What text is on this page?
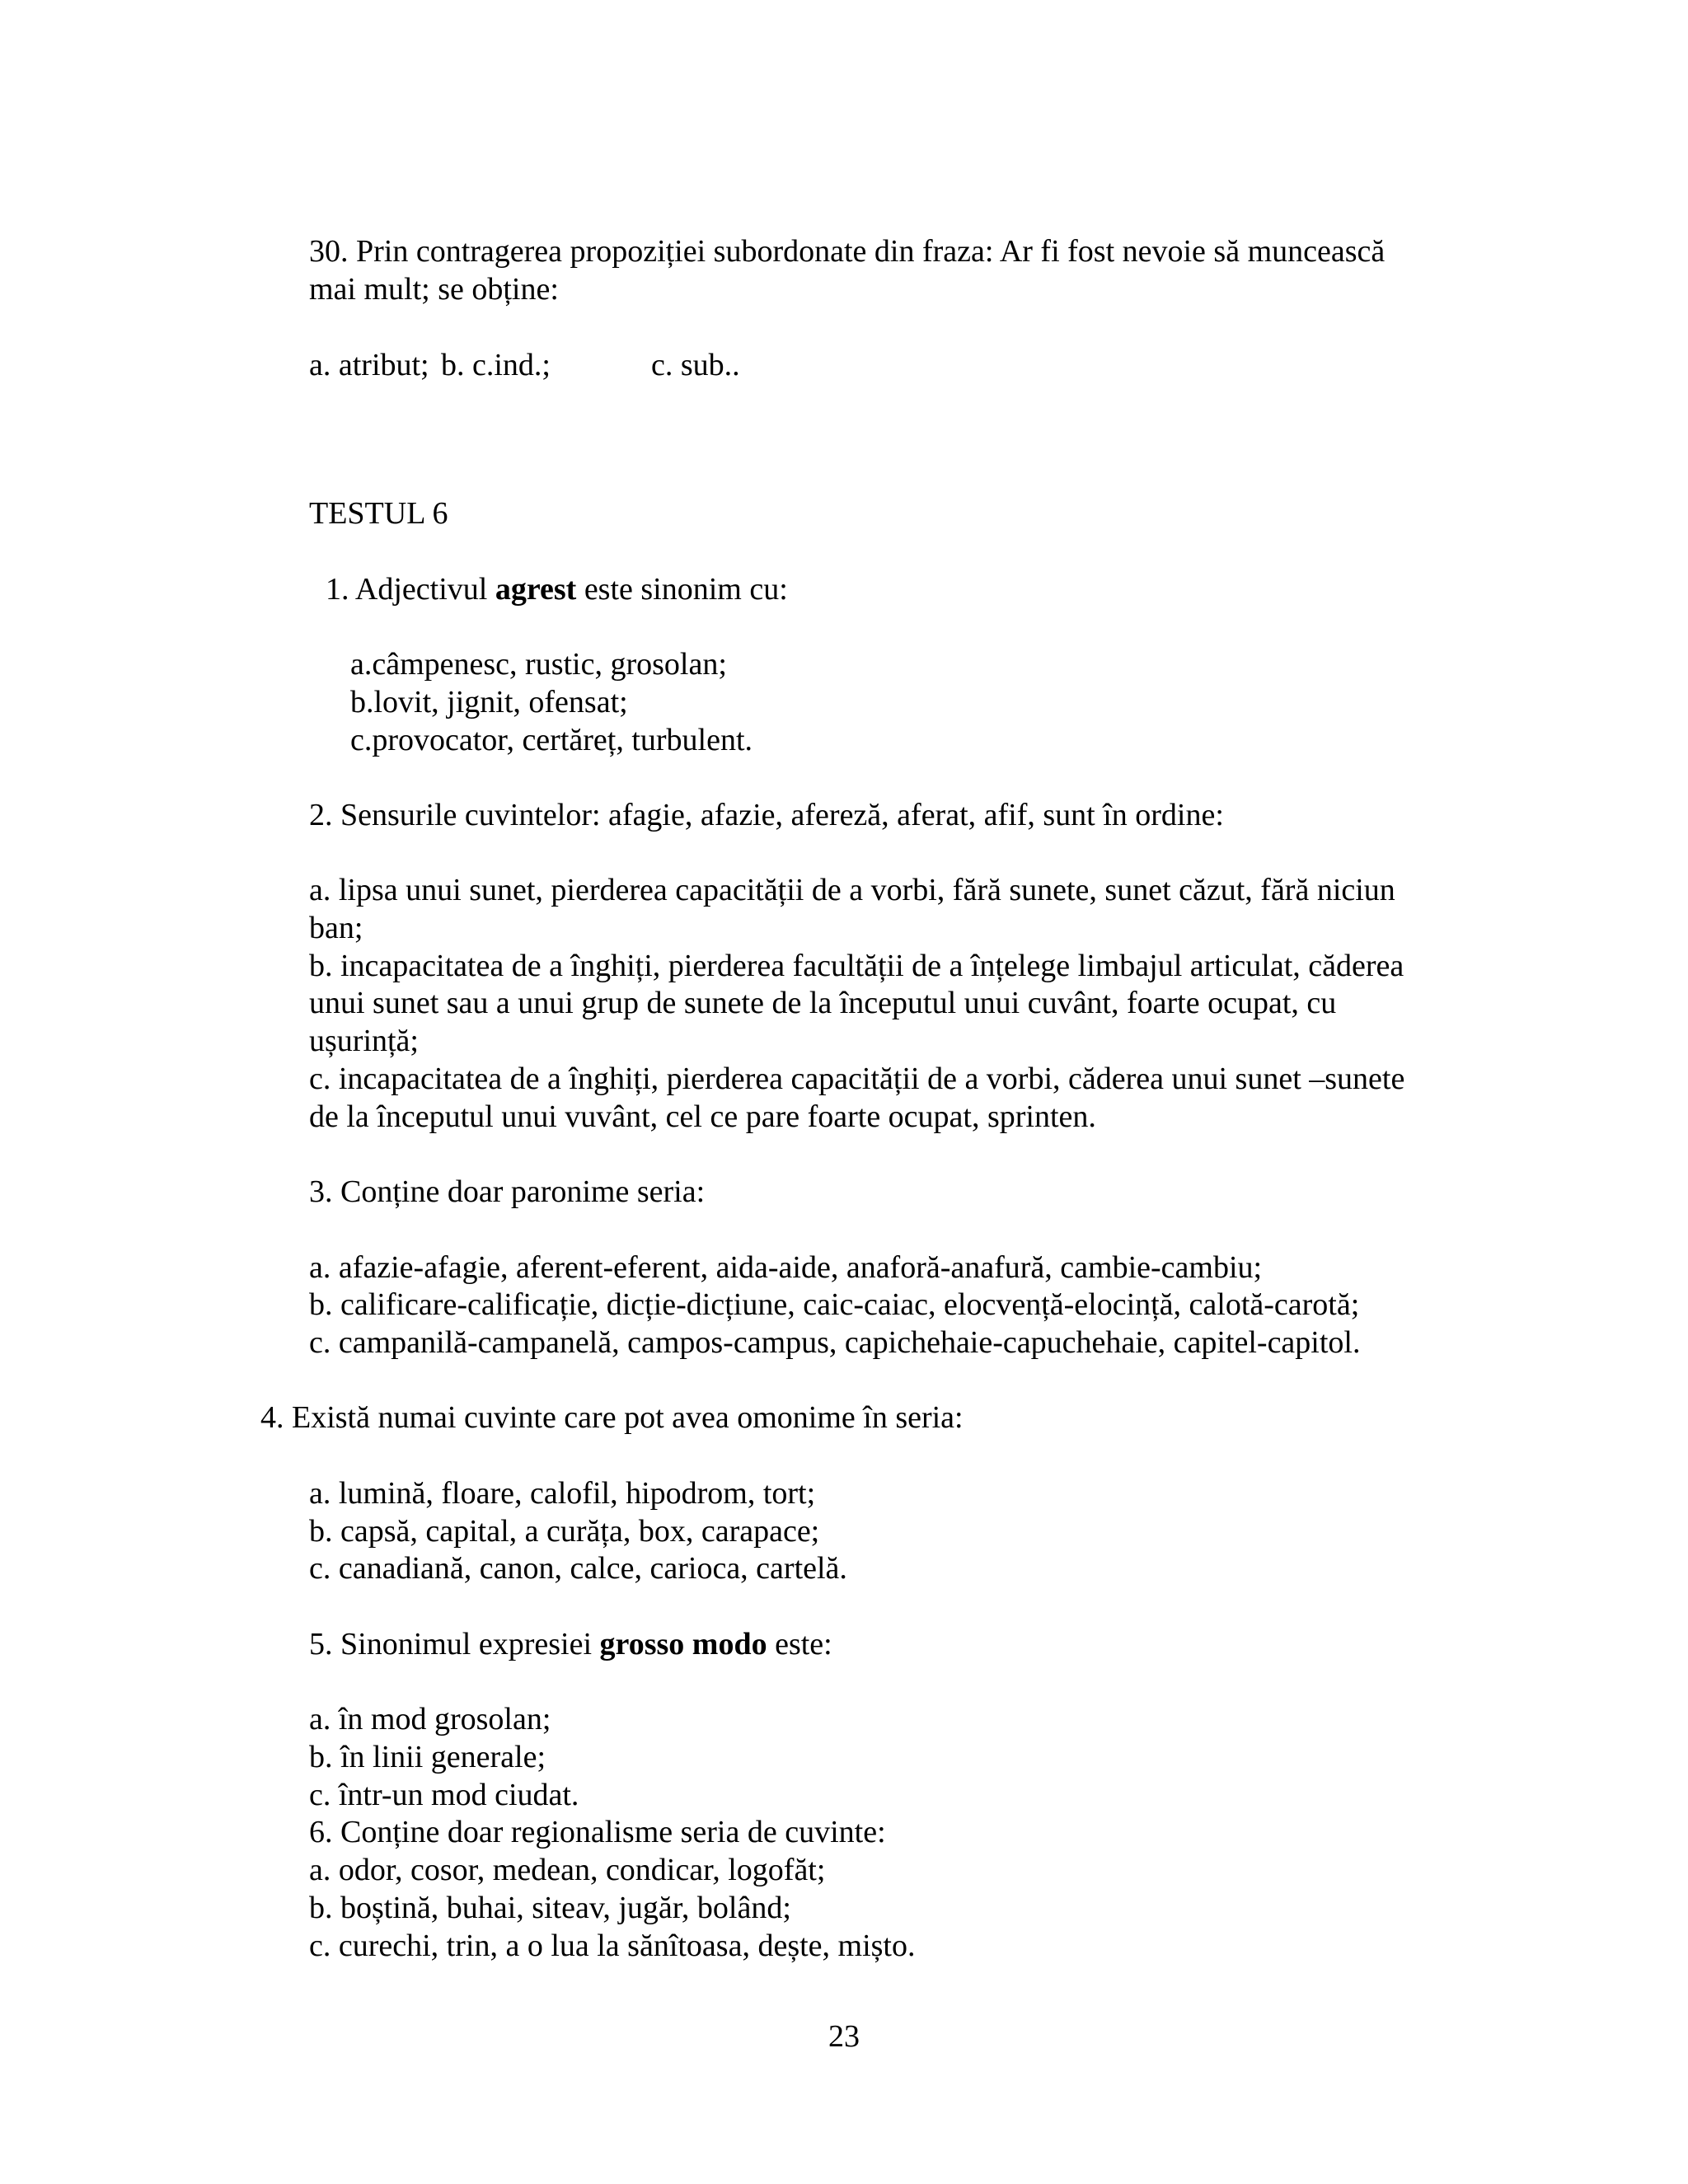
30. Prin contragerea propoziției subordonate din fraza: Ar fi fost nevoie să muncească

mai mult; se obține:

a. atribut; b. c.ind.;	c. sub..

TESTUL 6

1. Adjectivul agrest este sinonim cu:

a.câmpenesc, rustic, grosolan;

b.lovit, jignit, ofensat;

c.provocator, certăreț, turbulent.

2. Sensurile cuvintelor: afagie, afazie, afereză, aferat, afif, sunt în ordine:

a. lipsa unui sunet, pierderea capacității de a vorbi, fără sunete, sunet căzut, fără niciun

ban;

b. incapacitatea de a înghiți, pierderea facultății de a înțelege limbajul articulat, căderea

unui sunet sau a unui grup de sunete de la începutul unui cuvânt, foarte ocupat, cu

ușurință;

c. incapacitatea de a înghiți, pierderea capacității de a vorbi, căderea unui sunet –sunete

de la începutul unui vuvânt, cel ce pare foarte ocupat, sprinten.

3. Conține doar paronime seria:

a. afazie-afagie, aferent-eferent, aida-aide, anaforă-anafură, cambie-cambiu;

b. calificare-calificație, dicție-dicțiune, caic-caiac, elocvență-elocință, calotă-carotă;

c. campanilă-campanelă, campos-campus, capichehaie-capuchehaie, capitel-capitol.

4. Există numai cuvinte care pot avea omonime în seria:

a. lumină, floare, calofil, hipodrom, tort;

b. capsă, capital, a curăța, box, carapace;

c. canadiană, canon, calce, carioca, cartelă.

5. Sinonimul expresiei grosso modo este:

a. în mod grosolan;

b. în linii generale;

c. într-un mod ciudat.

6. Conține doar regionalisme seria de cuvinte:

a. odor, cosor, medean, condicar, logofăt;

b. boștină, buhai, siteav, jugăr, bolând;

c. curechi, trin, a o lua la sănîtoasa, dește, miștо.

23
